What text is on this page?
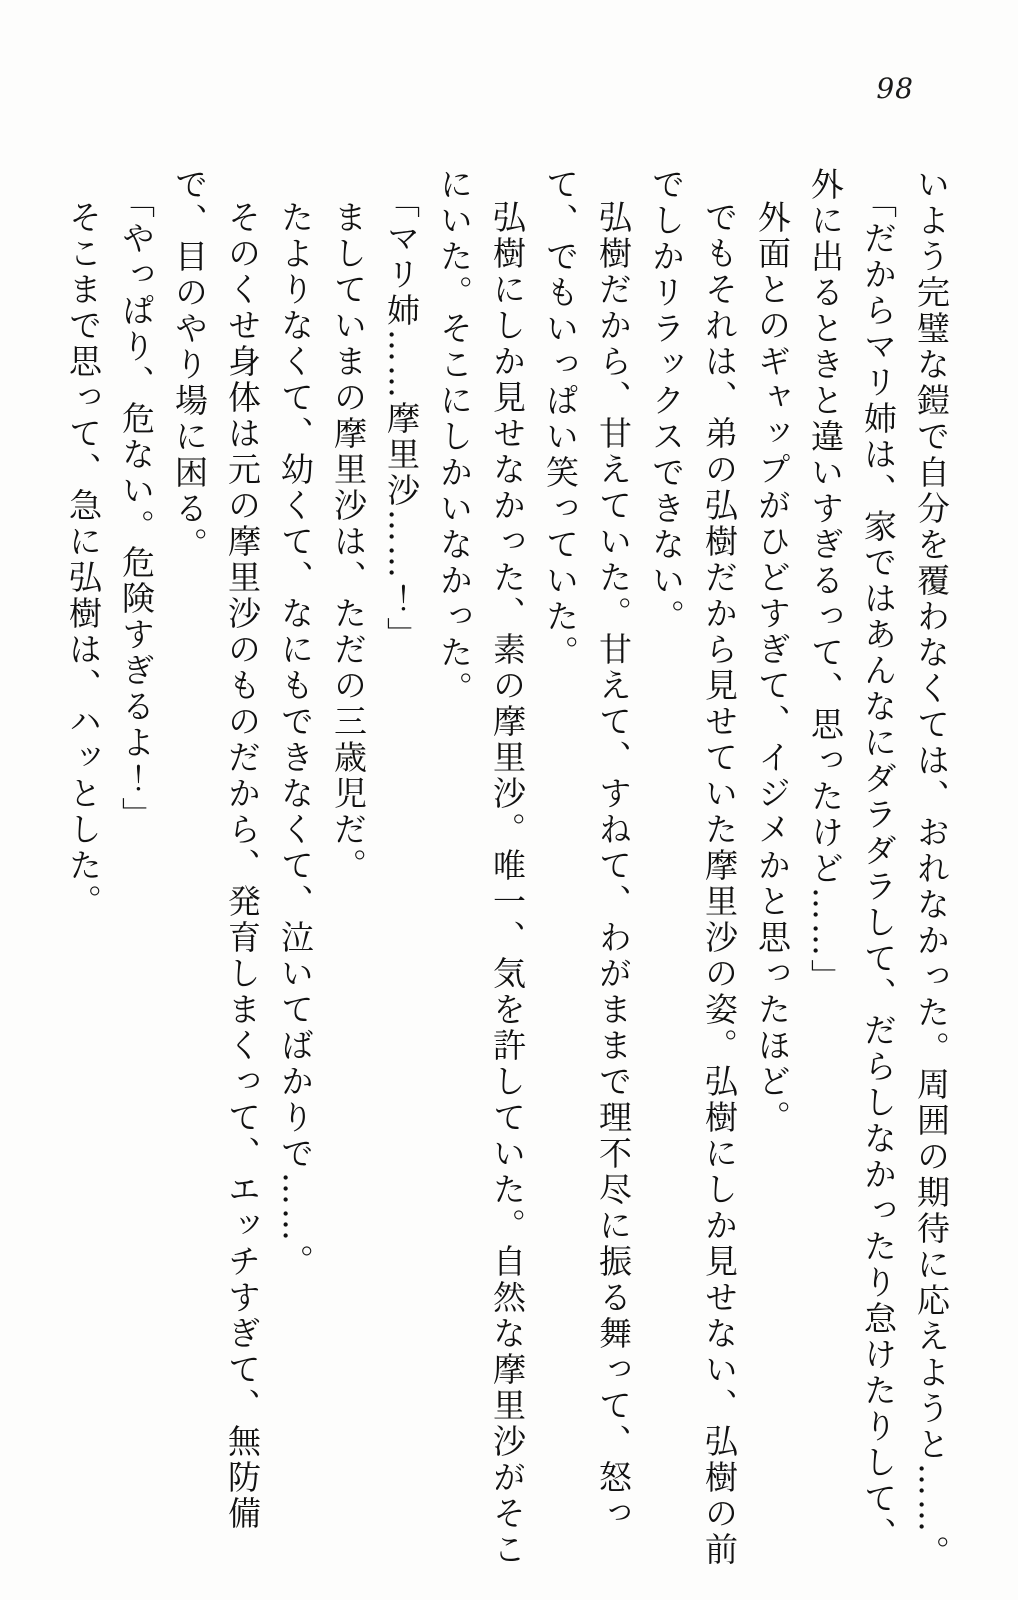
98

いよう完璧な鎧で自分を覆わなくては、おれなかった。周囲の期待に応えようと……。

「だからマリ姉は、家ではあんなにダラダラして、だらしなかったり怠けたりして、外に出るときと違いすぎるって、思ったけど……」

外面とのギャップがひどすぎて、イジメかと思ったほど。

でもそれは、弟の弘樹だから見せていた摩里沙の姿。弘樹にしか見せない、弘樹の前でしかリラックスできない。

弘樹だから、甘えていた。甘えて、すねて、わがままで理不尽に振る舞って、怒って、でもいっぱい笑っていた。

弘樹にしか見せなかった、素の摩里沙。唯一、気を許していた。自然な摩里沙がそこにいた。そこにしかいなかった。

「マリ姉……摩里沙……！」

ましていまの摩里沙は、ただの三歳児だ。

たよりなくて、幼くて、なにもできなくて、泣いてばかりで……。

そのくせ身体は元の摩里沙のものだから、発育しまくって、エッチすぎて、無防備で、目のやり場に困る。

「やっぱり、危ない。危険すぎるよ！」

そこまで思って、急に弘樹は、ハッとした。
